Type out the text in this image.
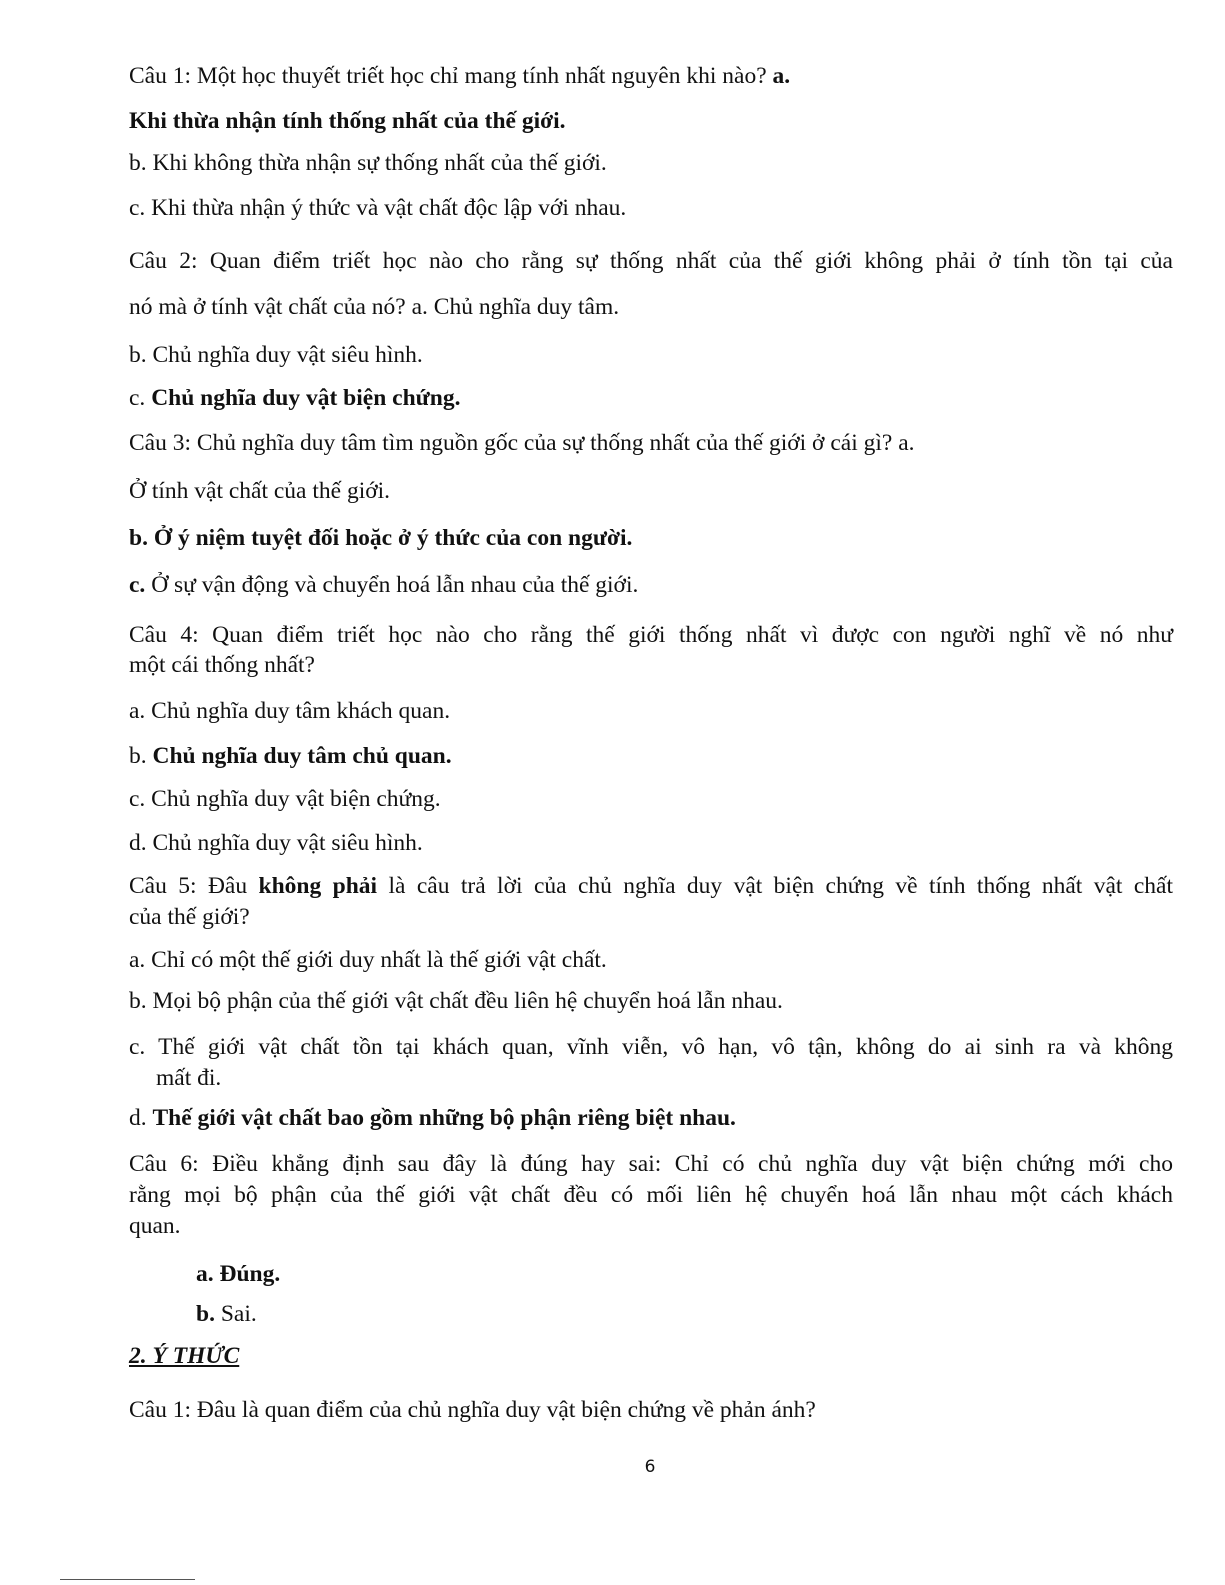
Câu 1: Một học thuyết triết học chỉ mang tính nhất nguyên khi nào? a.
Khi thừa nhận tính thống nhất của thế giới.
b. Khi không thừa nhận sự thống nhất của thế giới.
c. Khi thừa nhận ý thức và vật chất độc lập với nhau.
Câu 2: Quan điểm triết học nào cho rằng sự thống nhất của thế giới không phải ở tính tồn tại của
nó mà ở tính vật chất của nó? a. Chủ nghĩa duy tâm.
b. Chủ nghĩa duy vật siêu hình.
c. Chủ nghĩa duy vật biện chứng.
Câu 3: Chủ nghĩa duy tâm tìm nguồn gốc của sự thống nhất của thế giới ở cái gì? a.
Ở tính vật chất của thế giới.
b. Ở ý niệm tuyệt đối hoặc ở ý thức của con người.
c. Ở sự vận động và chuyển hoá lẫn nhau của thế giới.
Câu 4: Quan điểm triết học nào cho rằng thế giới thống nhất vì được con người nghĩ về nó như
một cái thống nhất?
a. Chủ nghĩa duy tâm khách quan.
b. Chủ nghĩa duy tâm chủ quan.
c. Chủ nghĩa duy vật biện chứng.
d. Chủ nghĩa duy vật siêu hình.
Câu 5: Đâu không phải là câu trả lời của chủ nghĩa duy vật biện chứng về tính thống nhất vật chất
của thế giới?
a. Chỉ có một thế giới duy nhất là thế giới vật chất.
b. Mọi bộ phận của thế giới vật chất đều liên hệ chuyển hoá lẫn nhau.
c. Thế giới vật chất tồn tại khách quan, vĩnh viễn, vô hạn, vô tận, không do ai sinh ra và không
mất đi.
d. Thế giới vật chất bao gồm những bộ phận riêng biệt nhau.
Câu 6: Điều khẳng định sau đây là đúng hay sai: Chỉ có chủ nghĩa duy vật biện chứng mới cho
rằng mọi bộ phận của thế giới vật chất đều có mối liên hệ chuyển hoá lẫn nhau một cách khách
quan.
a. Đúng.
b. Sai.
2. Ý THỨC
Câu 1: Đâu là quan điểm của chủ nghĩa duy vật biện chứng về phản ánh?
6
